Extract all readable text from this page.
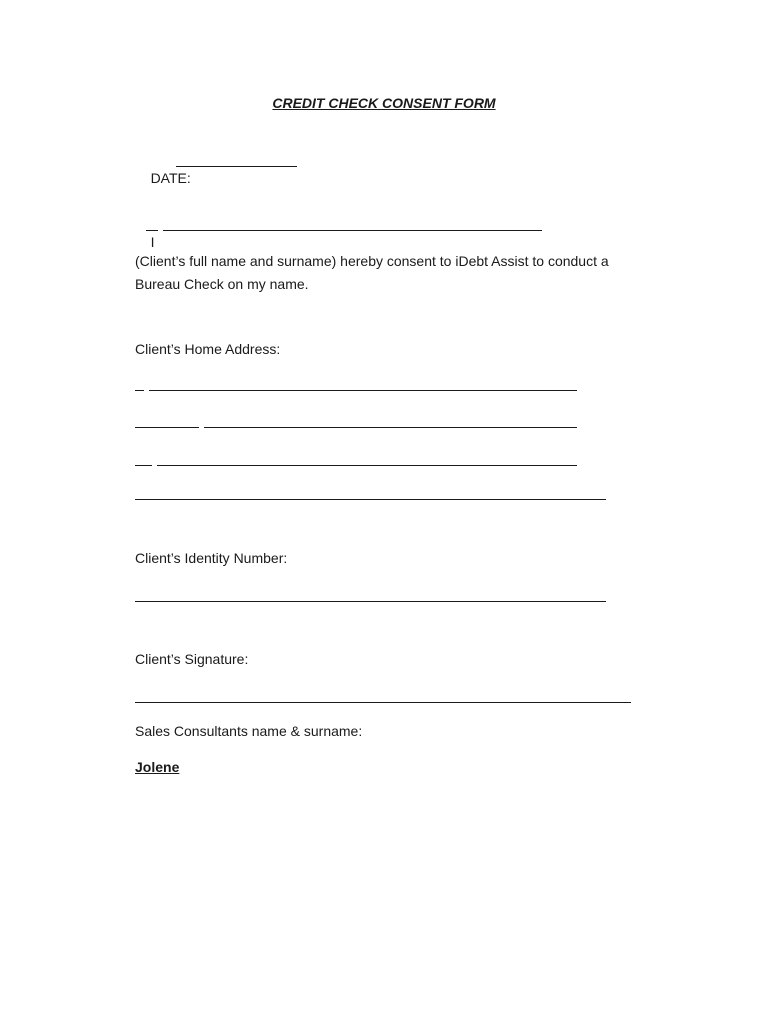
CREDIT CHECK CONSENT FORM

DATE:

I

(Client’s full name and surname) hereby consent to iDebt Assist to conduct a
Bureau Check on my name.
Client’s Home Address:
Client’s Identity Number:
Client’s Signature:
Sales Consultants name & surname:
Jolene
